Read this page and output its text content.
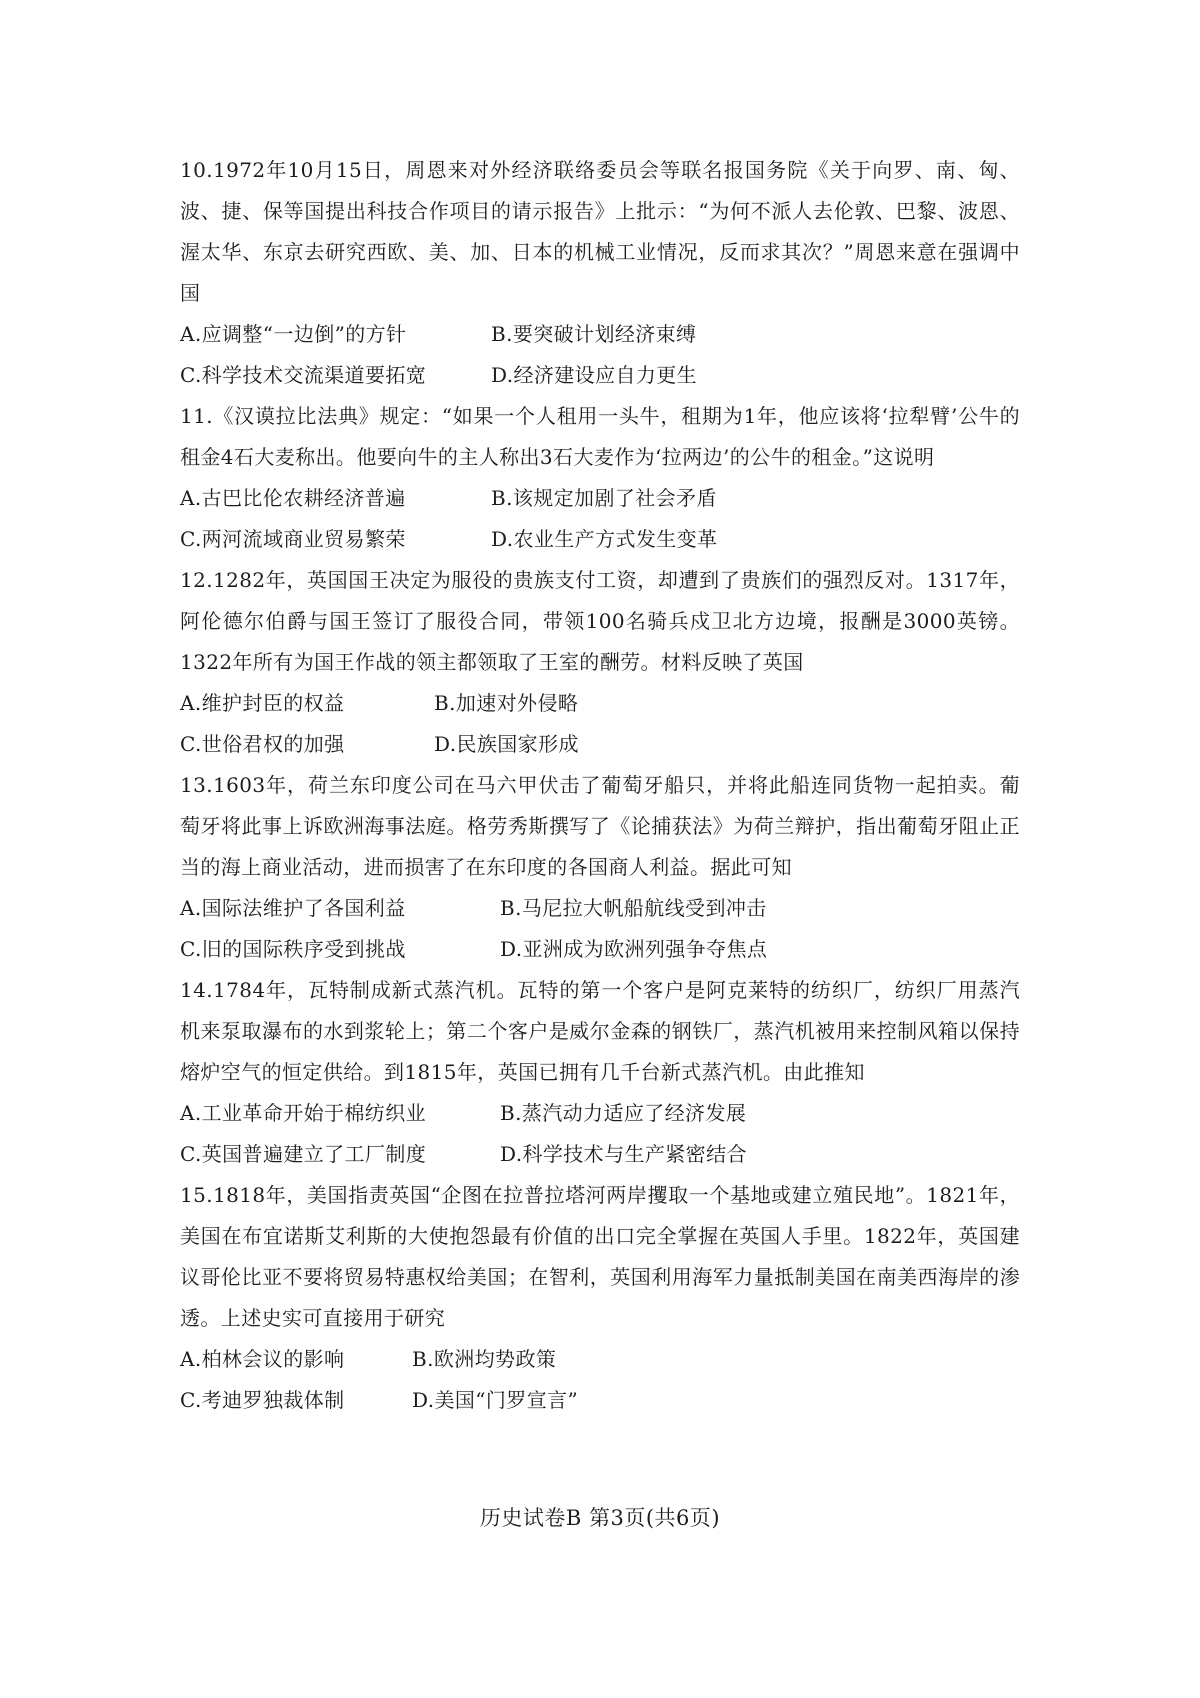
10.1972年10月15日，周恩来对外经济联络委员会等联名报国务院《关于向罗、南、匈、波、捷、保等国提出科技合作项目的请示报告》上批示：“为何不派人去伦敦、巴黎、波恩、渥太华、东京去研究西欧、美、加、日本的机械工业情况，反而求其次？”周恩来意在强调中国

A.应调整“一边倒”的方针	B.要突破计划经济束缚
C.科学技术交流渠道要拓宽	D.经济建设应自力更生

11.《汉谟拉比法典》规定：“如果一个人租用一头牛，租期为1年，他应该将‘拉犁臂’公牛的租金4石大麦称出。他要向牛的主人称出3石大麦作为‘拉两边’的公牛的租金。”这说明

A.古巴比伦农耕经济普遍	B.该规定加剧了社会矛盾
C.两河流域商业贸易繁荣	D.农业生产方式发生变革

12.1282年，英国国王决定为服役的贵族支付工资，却遭到了贵族们的强烈反对。1317年，阿伦德尔伯爵与国王签订了服役合同，带领100名骑兵戍卫北方边境，报酬是3000英镑。1322年所有为国王作战的领主都领取了王室的酬劳。材料反映了英国

A.维护封臣的权益	B.加速对外侵略
C.世俗君权的加强	D.民族国家形成

13.1603年，荷兰东印度公司在马六甲伏击了葡萄牙船只，并将此船连同货物一起拍卖。葡萄牙将此事上诉欧洲海事法庭。格劳秀斯撰写了《论捕获法》为荷兰辩护，指出葡萄牙阻止正当的海上商业活动，进而损害了在东印度的各国商人利益。据此可知

A.国际法维护了各国利益	B.马尼拉大帆船航线受到冲击
C.旧的国际秩序受到挑战	D.亚洲成为欧洲列强争夺焦点

14.1784年，瓦特制成新式蒸汽机。瓦特的第一个客户是阿克莱特的纺织厂，纺织厂用蒸汽机来泵取瀑布的水到浆轮上；第二个客户是威尔金森的钢铁厂，蒸汽机被用来控制风箱以保持熔炉空气的恒定供给。到1815年，英国已拥有几千台新式蒸汽机。由此推知

A.工业革命开始于棉纺织业	B.蒸汽动力适应了经济发展
C.英国普遍建立了工厂制度	D.科学技术与生产紧密结合

15.1818年，美国指责英国“企图在拉普拉塔河两岸攫取一个基地或建立殖民地”。1821年，美国在布宜诺斯艾利斯的大使抱怨最有价值的出口完全掌握在英国人手里。1822年，英国建议哥伦比亚不要将贸易特惠权给美国；在智利，英国利用海军力量抵制美国在南美西海岸的渗透。上述史实可直接用于研究

A.柏林会议的影响	B.欧洲均势政策
C.考迪罗独裁体制	D.美国“门罗宣言”
历史试卷B 第3页(共6页)
